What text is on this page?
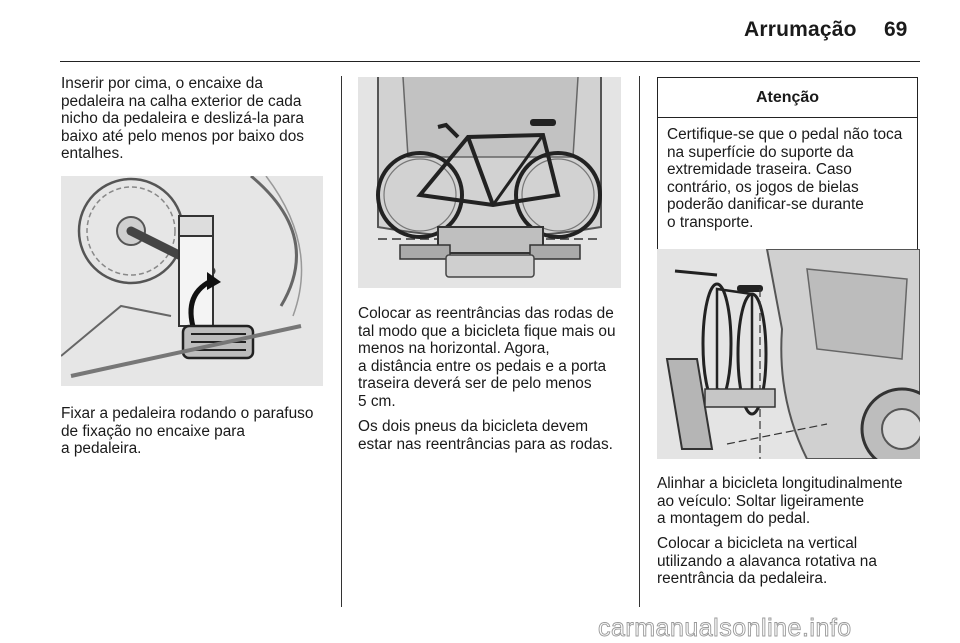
Arrumação 69

Inserir por cima, o encaixe da
pedaleira na calha exterior de cada
nicho da pedaleira e deslizá-la para
baixo até pelo menos por baixo dos
entalhes.

Fixar a pedaleira rodando o parafuso
de fixação no encaixe para
a pedaleira.

Colocar as reentrâncias das rodas de
tal modo que a bicicleta fique mais ou
menos na horizontal. Agora,
a distância entre os pedais e a porta
traseira deverá ser de pelo menos
5 cm.

Os dois pneus da bicicleta devem
estar nas reentrâncias para as rodas.

Atenção
Certifique-se que o pedal não toca
na superfície do suporte da
extremidade traseira. Caso
contrário, os jogos de bielas
poderão danificar-se durante
o transporte.

Alinhar a bicicleta longitudinalmente
ao veículo: Soltar ligeiramente
a montagem do pedal.

Colocar a bicicleta na vertical
utilizando a alavanca rotativa na
reentrância da pedaleira.

carmanualsonline.info
